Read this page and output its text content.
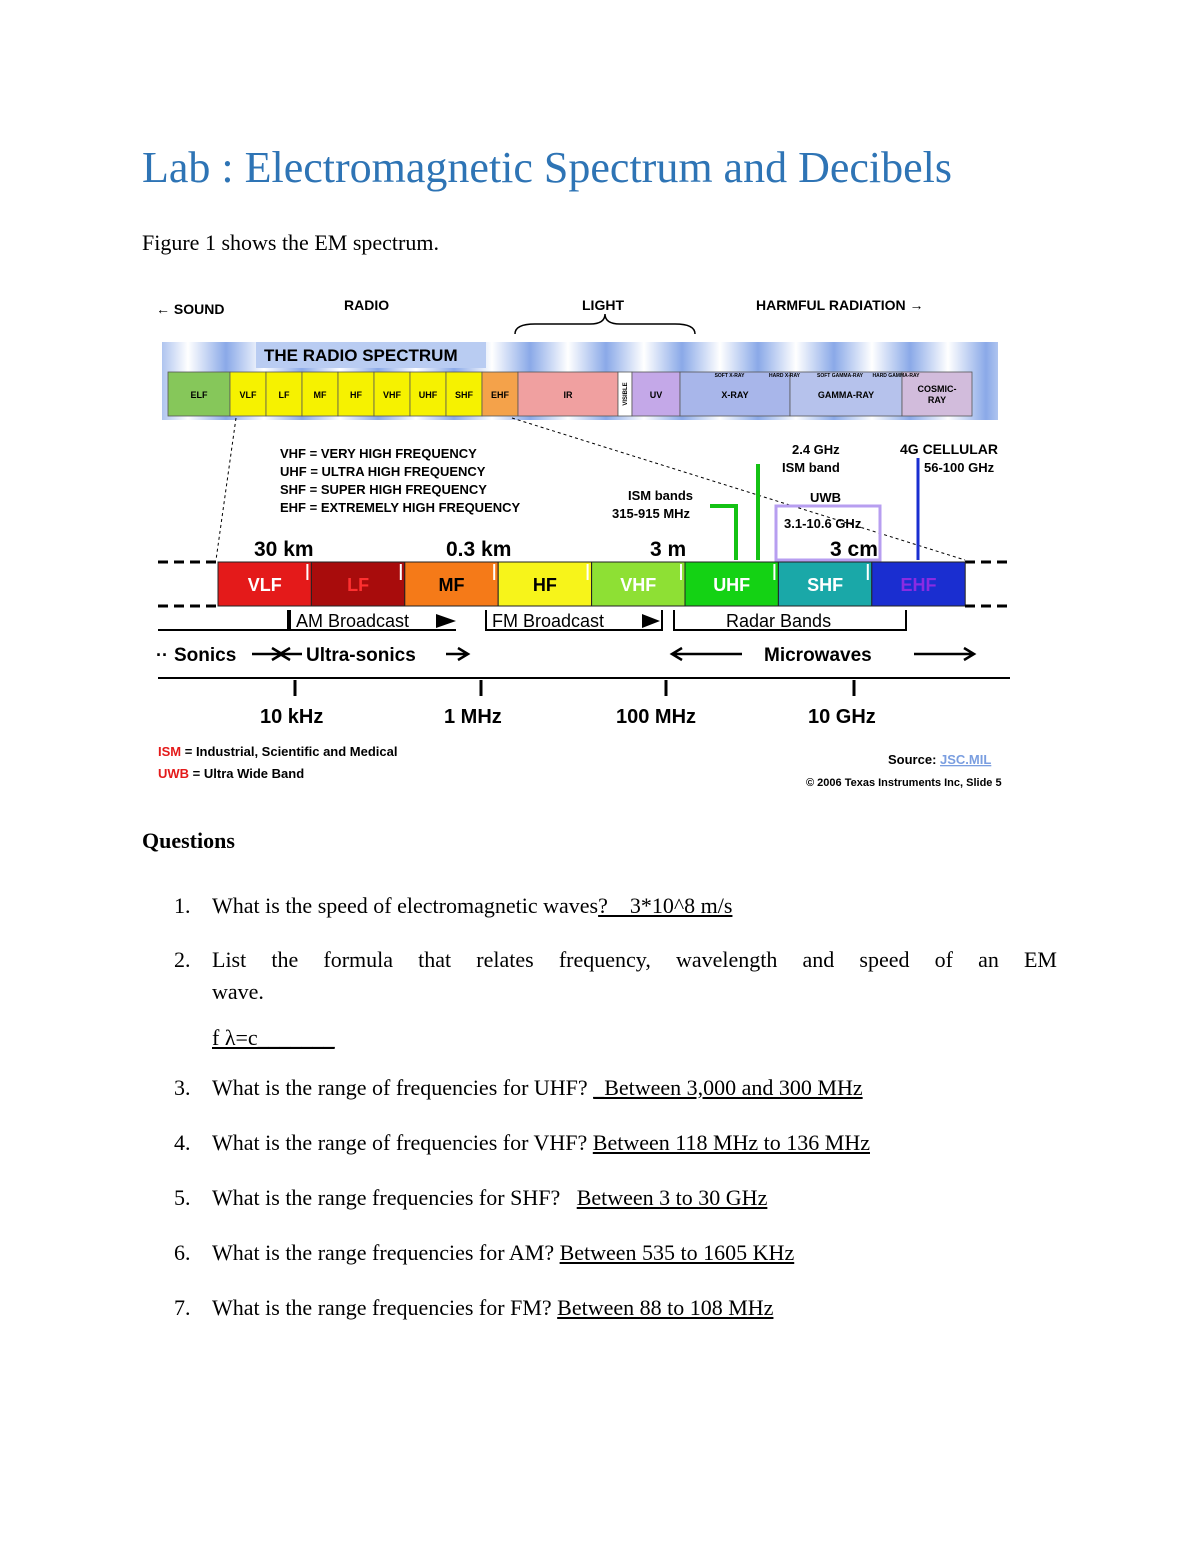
Lab : Electromagnetic Spectrum and Decibels

Figure 1 shows the EM spectrum.

← SOUND	RADIO	LIGHT	HARMFUL RADIATION →
THE RADIO SPECTRUM
ELF	VLF LF	MF	HF VHF UHF SHF EHF	IR	VISIBLE UV	X-RAY	GAMMA-RAY
COSMIC-RAY
SOFT X-RAY	HARD X-RAY	SOFT GAMMA-RAY HARD GAMMA-RAY
VHF = VERY HIGH FREQUENCY
UHF = ULTRA HIGH FREQUENCY
SHF = SUPER HIGH FREQUENCY
EHF = EXTREMELY HIGH FREQUENCY
ISM bands
315-915 MHz
2.4 GHz
ISM band
UWB
3.1-10.6 GHz
4G CELLULAR
56-100 GHz
30 km	0.3 km	3 m	3 cm
VLF	LF	MF	HF	VHF	UHF	SHF	EHF
AM Broadcast	FM Broadcast	Radar Bands
·· Sonics	Ultra-sonics	Microwaves
10 kHz	1 MHz	100 MHz	10 GHz
ISM = Industrial, Scientific and Medical
UWB = Ultra Wide Band
Source: JSC.MIL
© 2006 Texas Instruments Inc, Slide 5
Questions
1. What is the speed of electromagnetic waves?    3*10^8 m/s
2. List the formula that relates frequency, wavelength and speed of an EM
wave.
f λ=c_______
3. What is the range of frequencies for UHF? _Between 3,000 and 300 MHz
4. What is the range of frequencies for VHF? Between 118 MHz to 136 MHz
5. What is the range frequencies for SHF?   Between 3 to 30 GHz
6. What is the range frequencies for AM? Between 535 to 1605 KHz
7. What is the range frequencies for FM? Between 88 to 108 MHz
